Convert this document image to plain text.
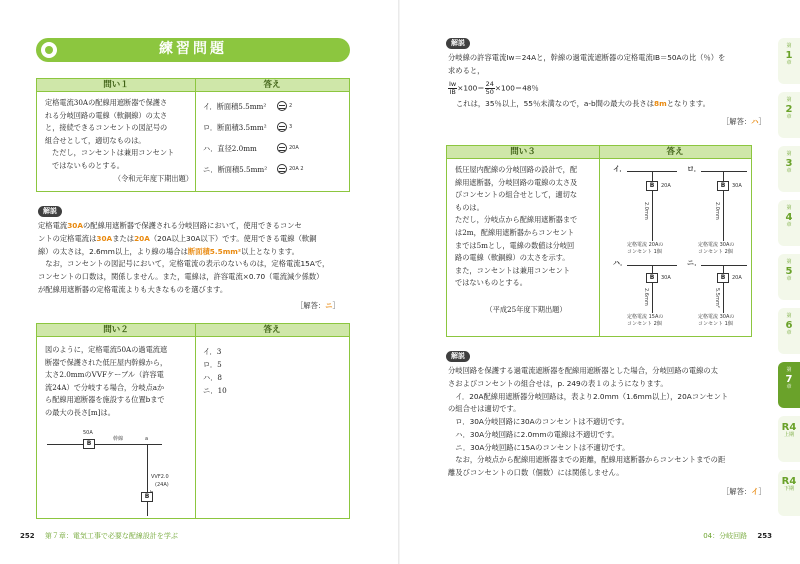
練習問題
問い１	答え
定格電流30Aの配線用遮断器で保護さ
れる分岐回路の電線（軟銅線）の太さ
と，接続できるコンセントの図記号の
組合せとして，適切なものは。
ただし，コンセントは兼用コンセント
ではないものとする。
（令和元年度下期出題）
イ．断面積5.5mm²	2
ロ．断面積3.5mm²	3
ハ．直径2.0mm	20A
ニ．断面積5.5mm²	20A 2
解説
定格電流30Aの配線用遮断器で保護される分岐回路において，使用できるコンセ
ントの定格電流は30Aまたは20A（20A以上30A以下）です。使用できる電線（軟銅
線）の太さは，2.6mm以上，より線の場合は断面積5.5mm²以上となります。
　なお，コンセントの図記号において，定格電流の表示のないものは，定格電流15Aで，
コンセントの口数は，関係しません。また，電線は，許容電流×0.70（電流減少係数）
が配線用遮断器の定格電流よりも大きなものを選びます。
［解答：ニ］
問い２	答え
図のように，定格電流50Aの過電流遮
断器で保護された低圧屋内幹線から，
太さ2.0mmのVVFケーブル（許容電
流24A）で分岐する場合，分岐点aか
ら配線用遮断器を施設する位置bまで
の最大の長さ[m]は。
イ．3
ロ．5
ハ．8
ニ．10
50A
B
幹線	a
VVF2.0
(24A)
B
252 第７章：電気工事で必要な配線設計を学ぶ
解説
分岐線の許容電流Iw＝24Aと，幹線の過電流遮断器の定格電流IB＝50Aの比（％）を
求めると，
$\frac{Iw}{IB} \times 100= \frac{24}{50} \times 100=48$％
これは，35％以上，55％未満なので，a-b間の最大の長さは8mとなります。
［解答：ハ］
問い３	答え
低圧屋内配線の分岐回路の設計で，配
線用遮断器，分岐回路の電線の太さ及
びコンセントの組合せとして，適切な
ものは。
ただし，分岐点から配線用遮断器まで
は2m，配線用遮断器からコンセント
までは5mとし，電線の数値は分岐回
路の電線（軟銅線）の太さを示す。
また，コンセントは兼用コンセント
ではないものとする。
（平成25年度下期出題）
イ．
B	20A
2.0mm
定格電流 20Aの
コンセント 1個
ロ．
B	30A
2.0mm
定格電流 30Aの
コンセント 2個
ハ．
B	30A
2.6mm
定格電流 15Aの
コンセント 2個
ニ．
B	20A
5.5mm²
定格電流 30Aの
コンセント 1個
解説
分岐回路を保護する過電流遮断器を配線用遮断器とした場合，分岐回路の電線の太
さおよびコンセントの組合せは，p. 249の表１のようになります。
　イ．20A配線用遮断器分岐回路は，表より2.0mm（1.6mm以上），20Aコンセント
の組合せは適切です。
　ロ．30A分岐回路に30Aのコンセントは不適切です。
　ハ．30A分岐回路に2.0mmの電線は不適切です。
　ニ．30A分岐回路に15Aのコンセントは不適切です。
　なお，分岐点から配線用遮断器までの距離，配線用遮断器からコンセントまでの距
離及びコンセントの口数（個数）には関係しません。
［解答：イ］
04：分岐回路 253
第
1
章
第
2
章
第
3
章
第
4
章
第
5
章
第
6
章
第
7
章
R4
上期
R4
下期
